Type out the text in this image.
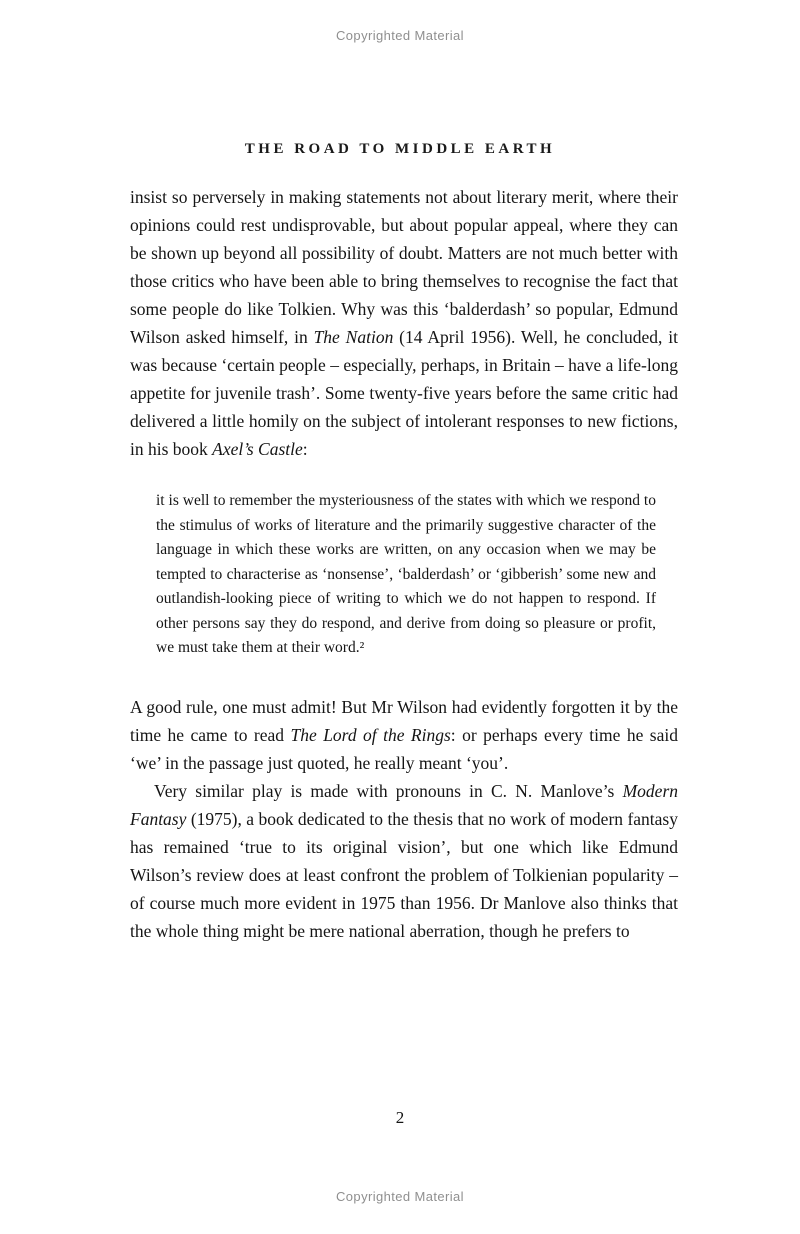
Copyrighted Material
THE ROAD TO MIDDLE EARTH

insist so perversely in making statements not about literary merit, where their opinions could rest undisprovable, but about popular appeal, where they can be shown up beyond all possibility of doubt. Matters are not much better with those critics who have been able to bring themselves to recognise the fact that some people do like Tolkien. Why was this ‘balderdash’ so popular, Edmund Wilson asked himself, in The Nation (14 April 1956). Well, he concluded, it was because ‘certain people – especially, perhaps, in Britain – have a life-long appetite for juvenile trash’. Some twenty-five years before the same critic had delivered a little homily on the subject of intolerant responses to new fictions, in his book Axel’s Castle:

it is well to remember the mysteriousness of the states with which we respond to the stimulus of works of literature and the primarily suggestive character of the language in which these works are written, on any occasion when we may be tempted to characterise as ‘nonsense’, ‘balderdash’ or ‘gibberish’ some new and outlandish-looking piece of writing to which we do not happen to respond. If other persons say they do respond, and derive from doing so pleasure or profit, we must take them at their word.²

A good rule, one must admit! But Mr Wilson had evidently forgotten it by the time he came to read The Lord of the Rings: or perhaps every time he said ‘we’ in the passage just quoted, he really meant ‘you’.

Very similar play is made with pronouns in C. N. Manlove’s Modern Fantasy (1975), a book dedicated to the thesis that no work of modern fantasy has remained ‘true to its original vision’, but one which like Edmund Wilson’s review does at least confront the problem of Tolkienian popularity – of course much more evident in 1975 than 1956. Dr Manlove also thinks that the whole thing might be mere national aberration, though he prefers to

2
Copyrighted Material
